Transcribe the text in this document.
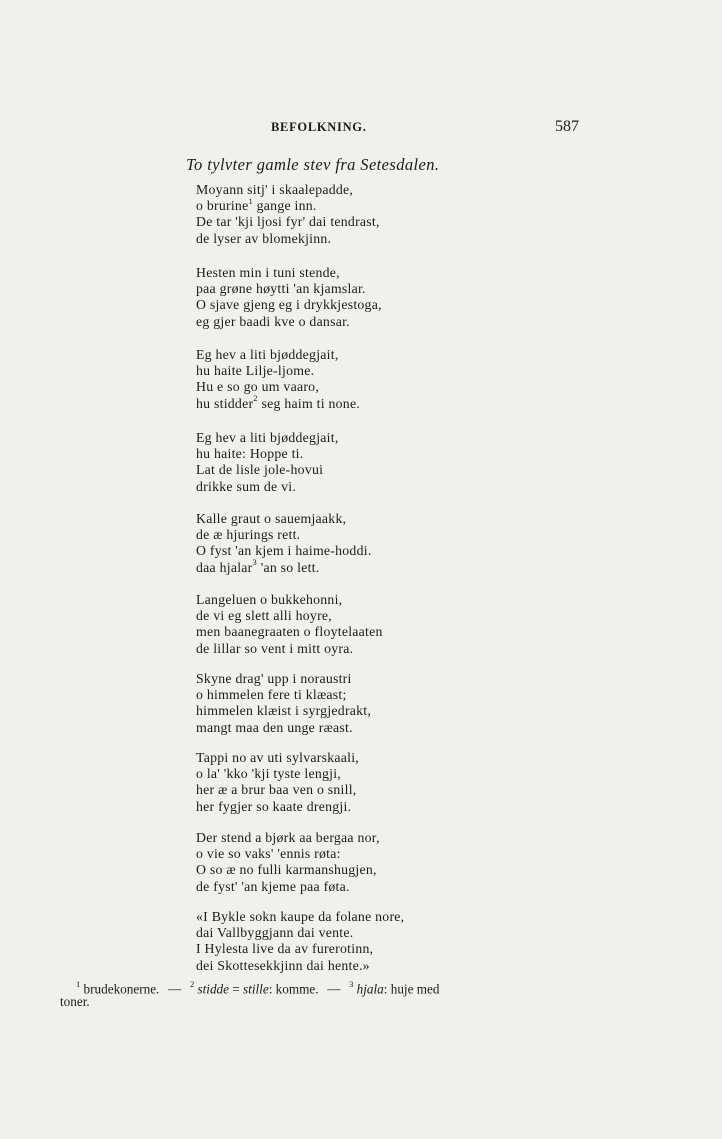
BEFOLKNING.	587
To tylvter gamle stev fra Setesdalen.
Moyann sitj' i skaalepadde,
o brurine$^1$ gange inn.
De tar 'kji ljosi fyr' dai tendrast,
de lyser av blomekjinn.
Hesten min i tuni stende,
paa grøne høytti 'an kjamslar.
O sjave gjeng eg i drykkjestoga,
eg gjer baadi kve o dansar.
Eg hev a liti bjøddegjait,
hu haite Lilje-ljome.
Hu e so go um vaaro,
hu stidder$^2$ seg haim ti none.
Eg hev a liti bjøddegjait,
hu haite: Hoppe ti.
Lat de lisle jole-hovui
drikke sum de vi.
Kalle graut o sauemjaakk,
de æ hjurings rett.
O fyst 'an kjem i haime-hoddi.
daa hjalar$^3$ 'an so lett.
Langeluen o bukkehonni,
de vi eg slett alli hoyre,
men baanegraaten o floytelaaten
de lillar so vent i mitt oyra.
Skyne drag' upp i noraustri
o himmelen fere ti klæast;
himmelen klæist i syrgjedrakt,
mangt maa den unge ræast.
Tappi no av uti sylvarskaali,
o la' 'kko 'kji tyste lengji,
her æ a brur baa ven o snill,
her fygjer so kaate drengji.
Der stend a bjørk aa bergaa nor,
o vie so vaks' 'ennis røta:
O so æ no fulli karmanshugjen,
de fyst' 'an kjeme paa føta.
«I Bykle sokn kaupe da folane nore,
dai Vallbyggjann dai vente.
I Hylesta live da av furerotinn,
dei Skottesekkjinn dai hente.»
$^1$ brudekonerne. — $^2$ stidde = stille: komme. — $^3$ hjala: huje med
toner.
